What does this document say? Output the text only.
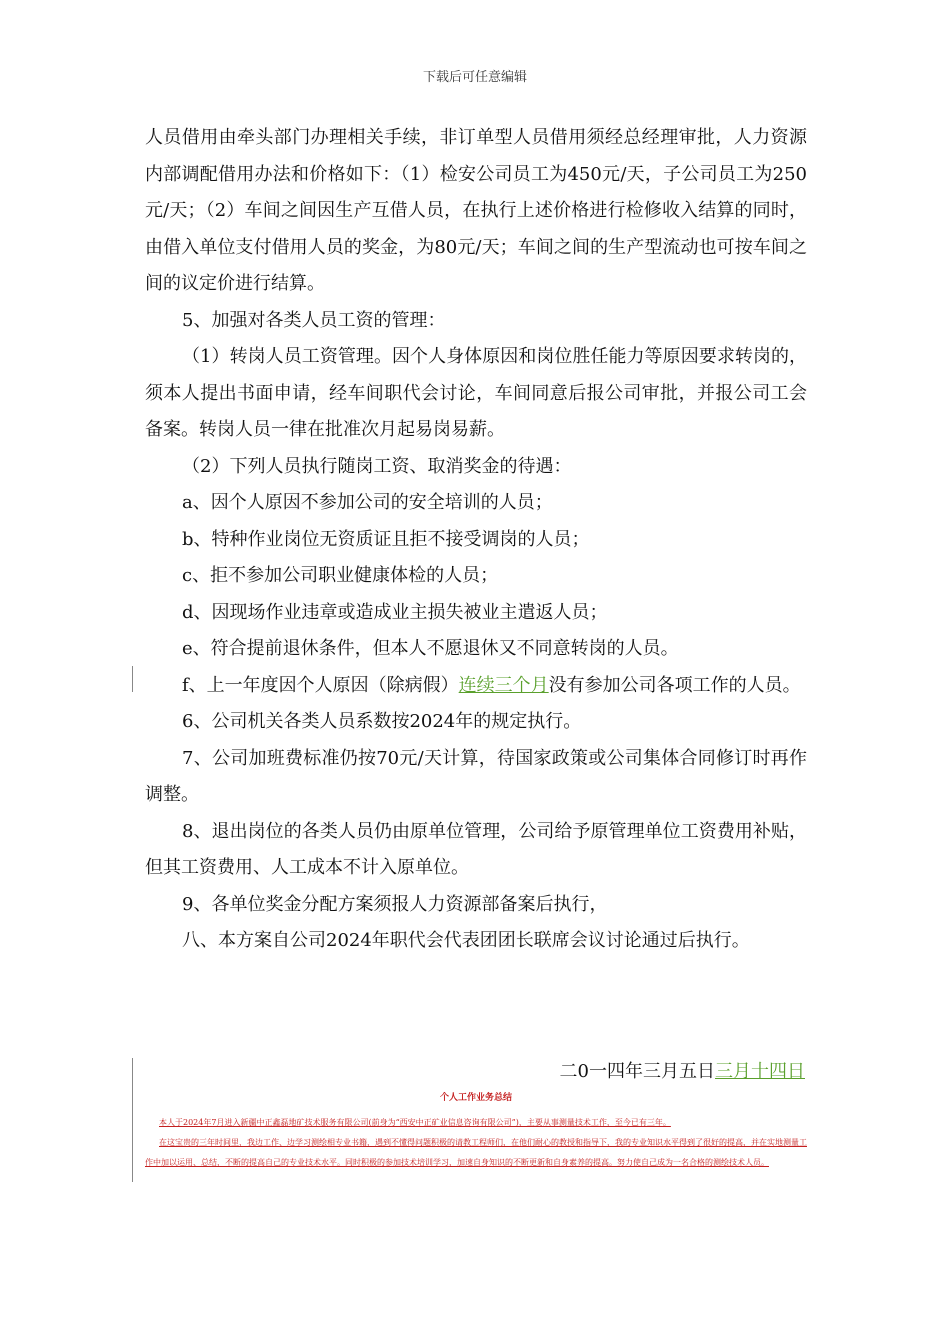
下载后可任意编辑

人员借用由牵头部门办理相关手续，非订单型人员借用须经总经理审批，人力资源内部调配借用办法和价格如下：（1）检安公司员工为450元/天，子公司员工为250元/天；（2）车间之间因生产互借人员，在执行上述价格进行检修收入结算的同时，由借入单位支付借用人员的奖金，为80元/天；车间之间的生产型流动也可按车间之间的议定价进行结算。

5、加强对各类人员工资的管理：

（1）转岗人员工资管理。因个人身体原因和岗位胜任能力等原因要求转岗的，须本人提出书面申请，经车间职代会讨论，车间同意后报公司审批，并报公司工会备案。转岗人员一律在批准次月起易岗易薪。

（2）下列人员执行随岗工资、取消奖金的待遇：

a、因个人原因不参加公司的安全培训的人员；

b、特种作业岗位无资质证且拒不接受调岗的人员；

c、拒不参加公司职业健康体检的人员；

d、因现场作业违章或造成业主损失被业主遣返人员；

e、符合提前退休条件，但本人不愿退休又不同意转岗的人员。

f、上一年度因个人原因（除病假）连续三个月没有参加公司各项工作的人员。

6、公司机关各类人员系数按2024年的规定执行。

7、公司加班费标准仍按70元/天计算，待国家政策或公司集体合同修订时再作调整。

8、退出岗位的各类人员仍由原单位管理，公司给予原管理单位工资费用补贴，但其工资费用、人工成本不计入原单位。

9、各单位奖金分配方案须报人力资源部备案后执行，

八、本方案自公司2024年职代会代表团团长联席会议讨论通过后执行。

二0一四年三月五日三月十四日
个人工作业务总结

本人于2024年7月进入新疆中正鑫磊地矿技术服务有限公司(前身为“西安中正矿业信息咨询有限公司”)，主要从事测量技术工作，至今已有三年。

在这宝贵的三年时间里，我边工作、边学习测绘相专业书籍，遇到不懂得问题积极的请教工程师们，在他们耐心的教授和指导下，我的专业知识水平得到了很好的提高，并在实地测量工作中加以运用、总结，不断的提高自己的专业技术水平。同时积极的参加技术培训学习，加速自身知识的不断更新和自身素养的提高。努力使自己成为一名合格的测绘技术人员。
